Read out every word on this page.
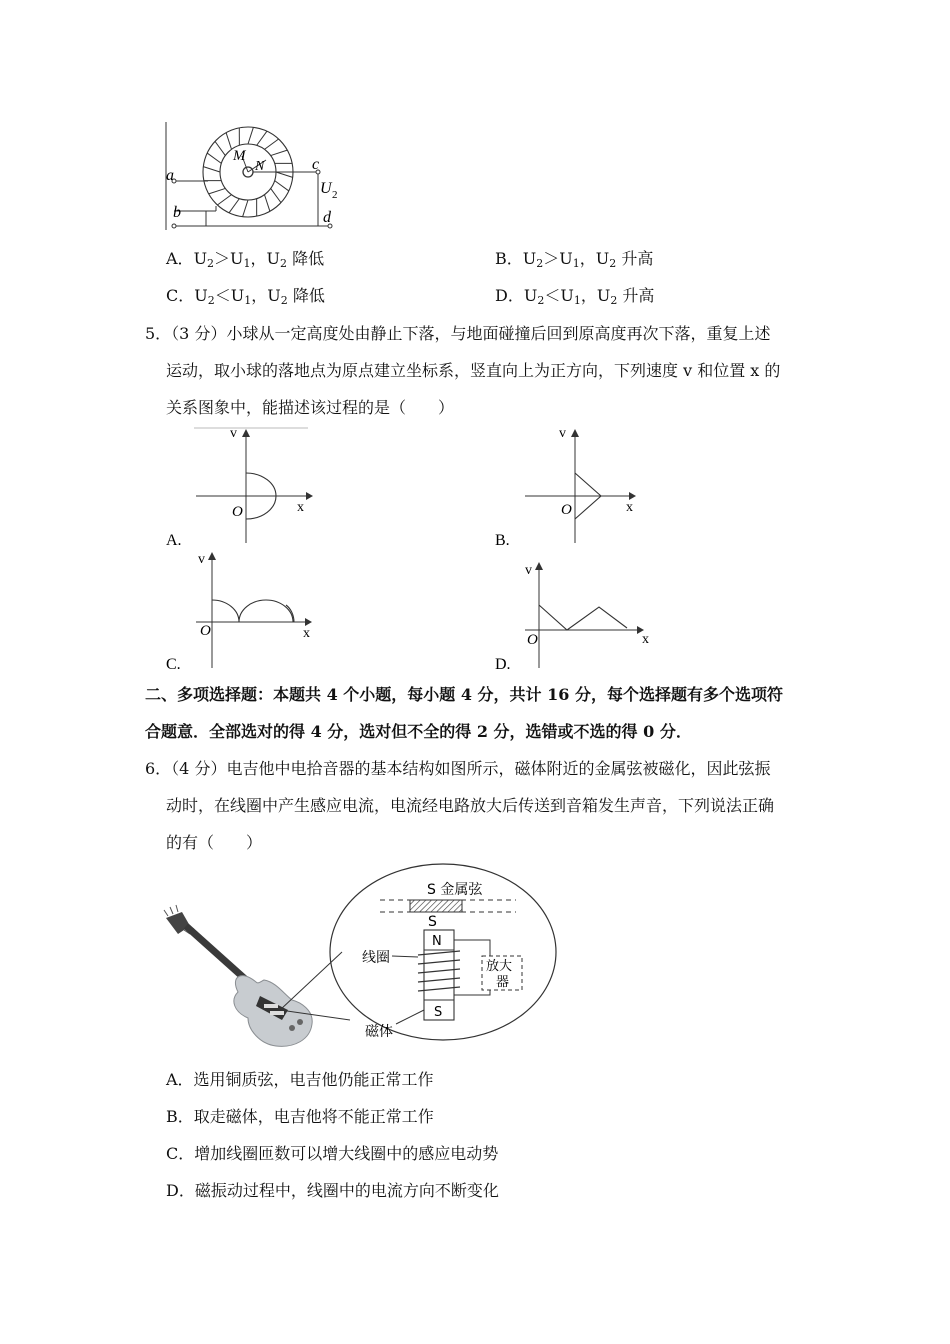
a
b
c
d
M
N
U 2
A．$U_2>U_1$，$U_2$ 降低	B．$U_2>U_1$，$U_2$ 升高
C．$U_2<U_1$，$U_2$ 降低	D．$U_2<U_1$，$U_2$ 升高
5．（3 分）小球从一定高度处由静止下落，与地面碰撞后回到原高度再次下落，重复上述
运动，取小球的落地点为原点建立坐标系，竖直向上为正方向，下列速度 v 和位置 x 的
关系图象中，能描述该过程的是（　　）
v
O	x
A.
v
O	x
B.
v
O	x
C.
v
O	x
D.
二、多项选择题：本题共 4 个小题，每小题 4 分，共计 16 分，每个选择题有多个选项符
合题意．全部选对的得 4 分，选对但不全的得 2 分，选错或不选的得 0 分．
6．（4 分）电吉他中电拾音器的基本结构如图所示，磁体附近的金属弦被磁化，因此弦振
动时，在线圈中产生感应电流，电流经电路放大后传送到音箱发生声音，下列说法正确
的有（　　）
S 金属弦
S
N
S
放大
器
线圈
磁体
A．选用铜质弦，电吉他仍能正常工作
B．取走磁体，电吉他将不能正常工作
C．增加线圈匝数可以增大线圈中的感应电动势
D．磁振动过程中，线圈中的电流方向不断变化
